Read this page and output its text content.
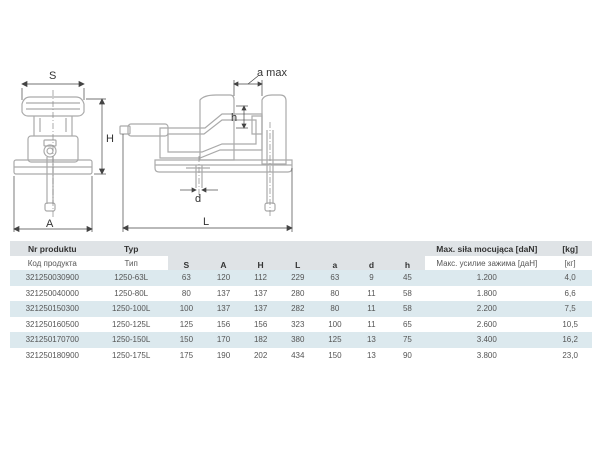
S
H
A
a max
h
d
L
Nr produktu	Typ	S	A	H	L	a	d	h	Max. siła mocująca [daN]	[kg]
Код продукта	Тип								Макс. усилие зажима [даН]	[кг]
321250030900	1250-63L	63	120	112	229	63	9	45	1.200	4,0
321250040000	1250-80L	80	137	137	280	80	11	58	1.800	6,6
321250150300	1250-100L	100	137	137	282	80	11	58	2.200	7,5
321250160500	1250-125L	125	156	156	323	100	11	65	2.600	10,5
321250170700	1250-150L	150	170	182	380	125	13	75	3.400	16,2
321250180900	1250-175L	175	190	202	434	150	13	90	3.800	23,0
